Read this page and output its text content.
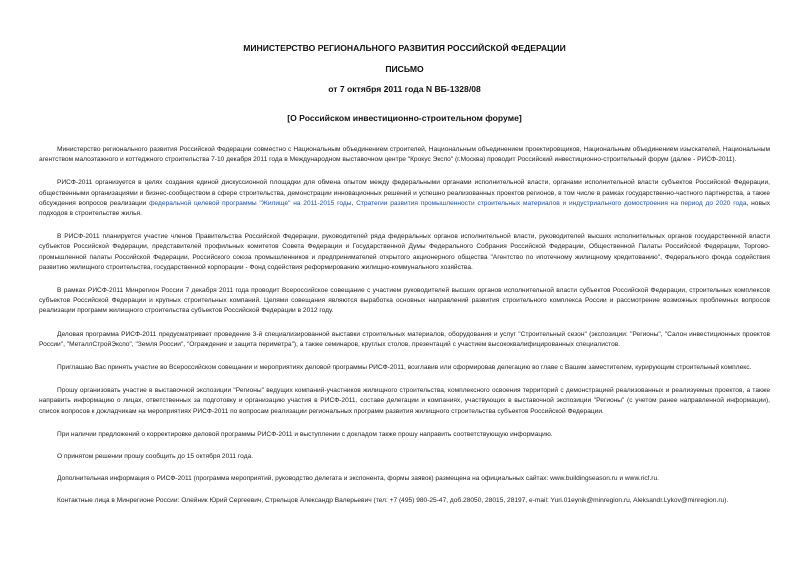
МИНИСТЕРСТВО РЕГИОНАЛЬНОГО РАЗВИТИЯ РОССИЙСКОЙ ФЕДЕРАЦИИ
ПИСЬМО
от 7 октября 2011 года N ВБ-1328/08
[О Российском инвестиционно-строительном форуме]

Министерство регионального развития Российской Федерации совместно с Национальным объединением строителей, Национальным объединением проектировщиков, Национальным объединением изыскателей, Национальным агентством малоэтажного и коттеджного строительства 7-10 декабря 2011 года в Международном выставочном центре "Крокус Экспо" (г.Москва) проводит Российский инвестиционно-строительный форум (далее - РИСФ-2011).

РИСФ-2011 организуется в целях создания единой дискуссионной площадки для обмена опытом между федеральными органами исполнительной власти, органами исполнительной власти субъектов Российской Федерации, общественными организациями и бизнес-сообществом в сфере строительства, демонстрации инновационных решений и успешно реализованных проектов регионов, в том числе в рамках государственно-частного партнерства, а также обсуждения вопросов реализации федеральной целевой программы "Жилище" на 2011-2015 годы, Стратегии развития промышленности строительных материалов и индустриального домостроения на период до 2020 года, новых подходов в строительстве жилья.

В РИСФ-2011 планируется участие членов Правительства Российской Федерации, руководителей ряда федеральных органов исполнительной власти, руководителей высших исполнительных органов государственной власти субъектов Российской Федерации, представителей профильных комитетов Совета Федерации и Государственной Думы Федерального Собрания Российской Федерации, Общественной Палаты Российской Федерации, Торгово-промышленной палаты Российской Федерации, Российского союза промышленников и предпринимателей открытого акционерного общества "Агентство по ипотечному жилищному кредитованию", Федерального фонда содействия развитию жилищного строительства, государственной корпорации - Фонд содействия реформированию жилищно-коммунального хозяйства.

В рамках РИСФ-2011 Минрегион России 7 декабря 2011 года проводит Всероссийское совещание с участием руководителей высших органов исполнительной власти субъектов Российской Федерации, строительных комплексов субъектов Российской Федерации и крупных строительных компаний. Целями совещания являются выработка основных направлений развития строительного комплекса России и рассмотрение возможных проблемных вопросов реализации программ жилищного строительства субъектов Российской Федерации в 2012 году.

Деловая программа РИСФ-2011 предусматривает проведение 3-й специализированной выставки строительных материалов, оборудования и услуг "Строительный сезон" (экспозиции: "Регионы", "Салон инвестиционных проектов России", "МеталлСтройЭкспо", "Земля России", "Ограждение и защита периметра"), а также семинаров, круглых столов, презентаций с участием высококвалифицированных специалистов.

Приглашаю Вас принять участие во Всероссийском совещании и мероприятиях деловой программы РИСФ-2011, возглавив или сформировав делегацию во главе с Вашим заместителем, курирующим строительный комплекс.

Прошу организовать участие в выставочной экспозиции "Регионы" ведущих компаний-участников жилищного строительства, комплексного освоения территорий с демонстрацией реализованных и реализуемых проектов, а также направить информацию о лицах, ответственных за подготовку и организацию участия в РИСФ-2011, составе делегации и компаниях, участвующих в выставочной экспозиции "Регионы" (с учетом ранее направленной информации), список вопросов к докладчикам на мероприятиях РИСФ-2011 по вопросам реализации региональных программ развития жилищного строительства субъектов Российской Федерации.

При наличии предложений о корректировке деловой программы РИСФ-2011 и выступлении с докладом также прошу направить соответствующую информацию.

О принятом решении прошу сообщить до 15 октября 2011 года.

Дополнительная информация о РИСФ-2011 (программа мероприятий, руководство делегата и экспонента, формы заявок) размещена на официальных сайтах: www.buildingseason.ru и www.ricf.ru.

Контактные лица в Минрегионе России: Олейник Юрий Сергеевич, Стрельцов Александр Валерьевич (тел: +7 (495) 980-25-47, доб.28050, 28015, 28197, e-mail: Yuri.01eynik@minregion.ru, Aleksandr.Lykov@minregion.ru).
